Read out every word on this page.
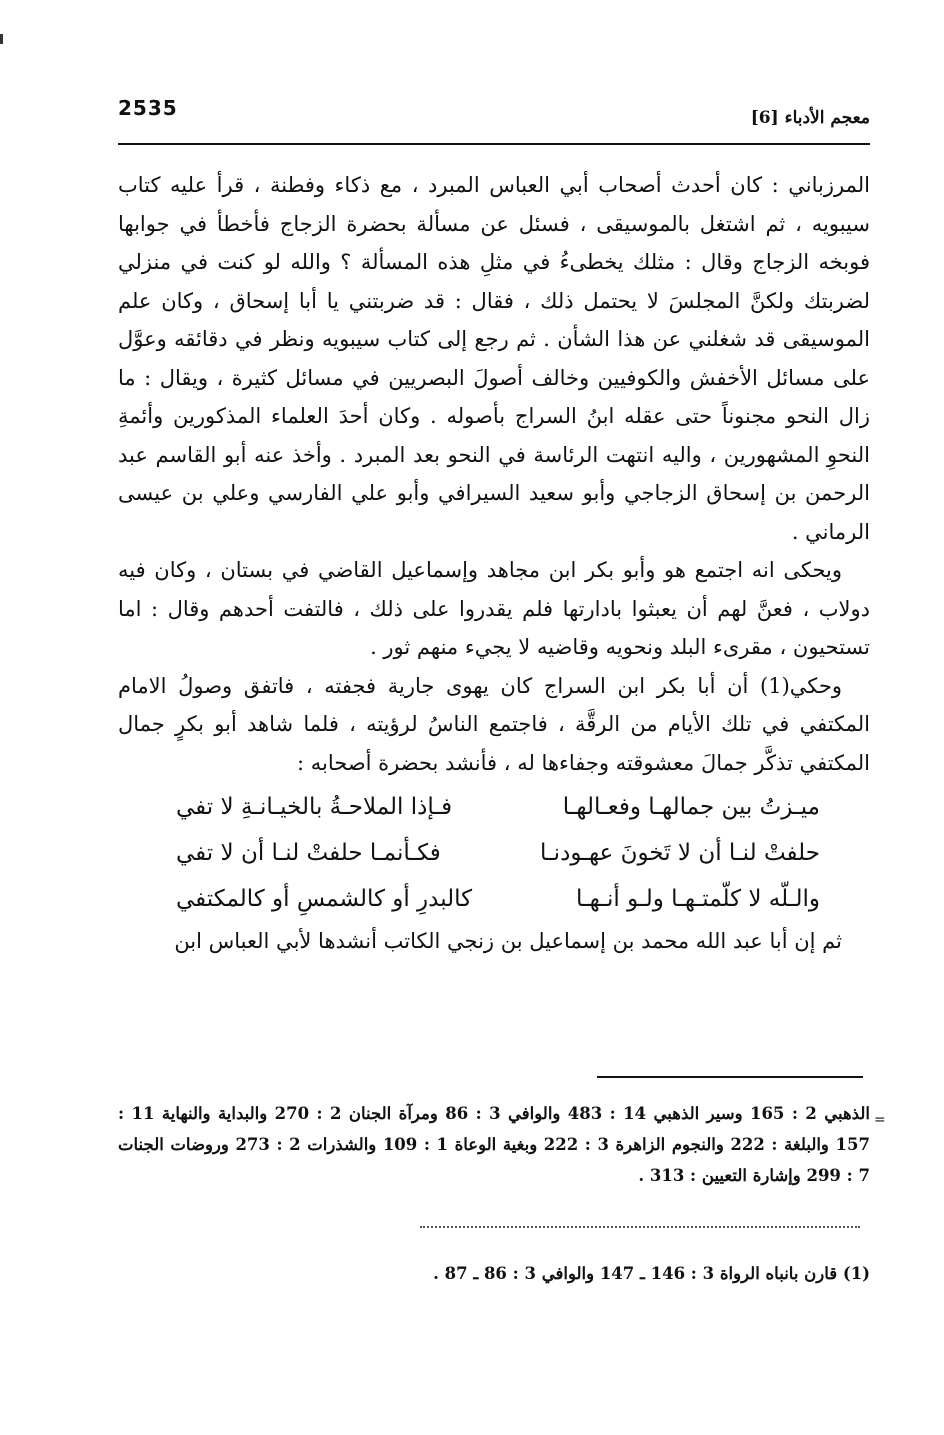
2535	معجم الأدباء [6]

المرزباني : كان أحدث أصحاب أبي العباس المبرد ، مع ذكاء وفطنة ، قرأ عليه كتاب سيبويه ، ثم اشتغل بالموسيقى ، فسئل عن مسألة بحضرة الزجاج فأخطأ في جوابها فوبخه الزجاج وقال : مثلك يخطىءُ في مثلِ هذه المسألة ؟ والله لو كنت في منزلي لضربتك ولكنَّ المجلسَ لا يحتمل ذلك ، فقال : قد ضربتني يا أبا إسحاق ، وكان علم الموسيقى قد شغلني عن هذا الشأن . ثم رجع إلى كتاب سيبويه ونظر في دقائقه وعوَّل على مسائل الأخفش والكوفيين وخالف أصولَ البصريين في مسائل كثيرة ، ويقال : ما زال النحو مجنوناً حتى عقله ابنُ السراج بأصوله . وكان أحدَ العلماء المذكورين وأئمةِ النحوِ المشهورين ، واليه انتهت الرئاسة في النحو بعد المبرد . وأخذ عنه أبو القاسم عبد الرحمن بن إسحاق الزجاجي وأبو سعيد السيرافي وأبو علي الفارسي وعلي بن عيسى الرماني .

ويحكى انه اجتمع هو وأبو بكر ابن مجاهد وإسماعيل القاضي في بستان ، وكان فيه دولاب ، فعنَّ لهم أن يعبثوا بادارتها فلم يقدروا على ذلك ، فالتفت أحدهم وقال : اما تستحيون ، مقرىء البلد ونحويه وقاضيه لا يجيء منهم ثور .

وحكي(1) أن أبا بكر ابن السراج كان يهوى جارية فجفته ، فاتفق وصولُ الامام المكتفي في تلك الأيام من الرقَّة ، فاجتمع الناسُ لرؤيته ، فلما شاهد أبو بكرٍ جمال المكتفي تذكَّر جمالَ معشوقته وجفاءها له ، فأنشد بحضرة أصحابه :

ميـزتُ بين جمالهـا وفعـالهـا
فـإذا الملاحـةُ بالخيـانـةِ لا تفي
حلفتْ لنـا أن لا تَخونَ عهـودنـا
فكـأنمـا حلفتْ لنـا أن لا تفي
والـلّه لا كلّمتـهـا ولـو أنـهـا
كالبدرِ أو كالشمسِ أو كالمكتفي

ثم إن أبا عبد الله محمد بن إسماعيل بن زنجي الكاتب أنشدها لأبي العباس ابن

=

الذهبي 2 : 165 وسير الذهبي 14 : 483 والوافي 3 : 86 ومرآة الجنان 2 : 270 والبداية والنهاية 11 : 157 والبلغة : 222 والنجوم الزاهرة 3 : 222 وبغية الوعاة 1 : 109 والشذرات 2 : 273 وروضات الجنات 7 : 299 وإشارة التعيين : 313 .

(1) قارن بانباه الرواة 3 : 146 ـ 147 والوافي 3 : 86 ـ 87 .
